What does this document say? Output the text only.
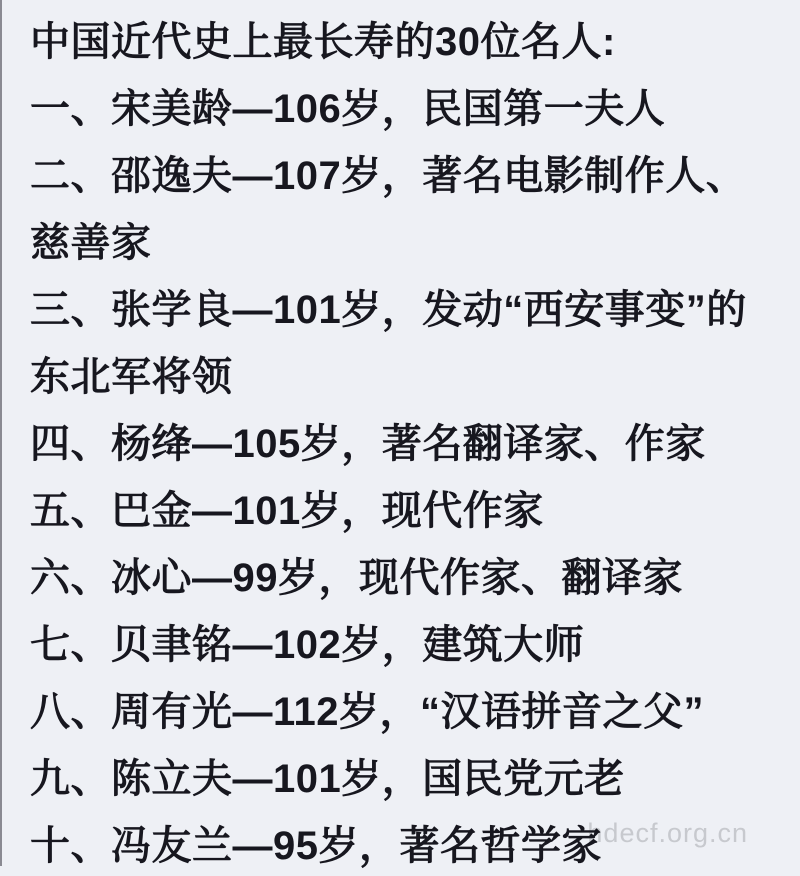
hdecf.org.cn

中国近代史上最长寿的30位名人:

一、宋美龄—106岁，民国第一夫人

二、邵逸夫—107岁，著名电影制作人、

慈善家

三、张学良—101岁，发动“西安事变”的

东北军将领

四、杨绛—105岁，著名翻译家、作家

五、巴金—101岁，现代作家

六、冰心—99岁，现代作家、翻译家

七、贝聿铭—102岁，建筑大师

八、周有光—112岁，“汉语拼音之父”

九、陈立夫—101岁，国民党元老

十、冯友兰—95岁，著名哲学家
